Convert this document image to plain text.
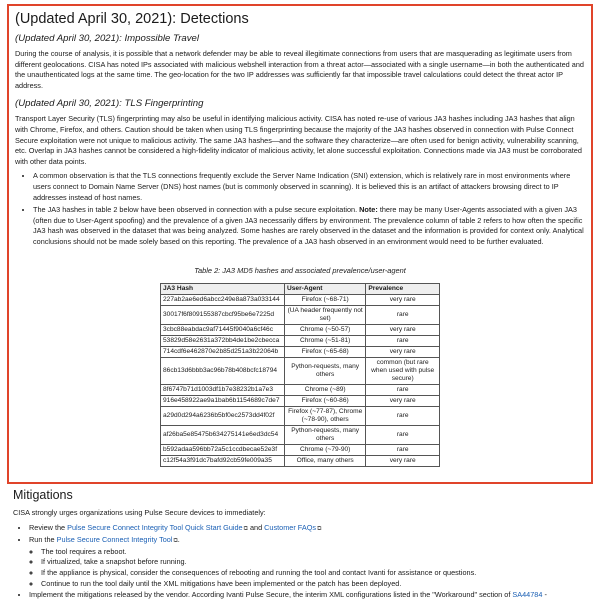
(Updated April 30, 2021): Detections
(Updated April 30, 2021): Impossible Travel

During the course of analysis, it is possible that a network defender may be able to reveal illegitimate connections from users that are masquerading as legitimate users from different geolocations. CISA has noted IPs associated with malicious webshell interaction from a threat actor—associated with a single username—in both the authenticated and the unauthenticated logs at the same time. The geo-location for the two IP addresses was sufficiently far that impossible travel calculations could detect the threat actor IP address.

(Updated April 30, 2021): TLS Fingerprinting

Transport Layer Security (TLS) fingerprinting may also be useful in identifying malicious activity. CISA has noted re-use of various JA3 hashes including JA3 hashes that align with Chrome, Firefox, and others. Caution should be taken when using TLS fingerprinting because the majority of the JA3 hashes observed in connection with Pulse Connect Secure exploitation were not unique to malicious activity. The same JA3 hashes—and the software they characterize—are often used for benign activity, vulnerability scanning, etc. Overlap in JA3 hashes cannot be considered a high-fidelity indicator of malicious activity, let alone successful exploitation. Connections made via JA3 must be corroborated with other data points.

• A common observation is that the TLS connections frequently exclude the Server Name Indication (SNI) extension, which is relatively rare in most environments where users connect to Domain Name Server (DNS) host names (but is commonly observed in scanning). It is believed this is an artifact of attackers browsing direct to IP addresses instead of host names.
• The JA3 hashes in table 2 below have been observed in connection with a pulse secure exploitation. Note: there may be many User-Agents associated with a given JA3 (often due to User-Agent spoofing) and the prevalence of a given JA3 necessarily differs by environment. The prevalence column of table 2 refers to how often the specific JA3 hash was observed in the dataset that was being analyzed. Some hashes are rarely observed in the dataset and the information is provided for context only. Analytical conclusions should not be made solely based on this reporting. The prevalence of a JA3 hash observed in an environment would need to be further evaluated.
Table 2: JA3 MD5 hashes and associated prevalence/user-agent
JA3 Hash	User-Agent	Prevalence
227ab2ae6ed6abcc249e8a873a033144	Firefox (~68-71)	very rare
30017f6f809155387cbcf95be6e7225d	(UA header frequently not set)	rare
3cbc88eabdac9af71445f9040a6cf46c	Chrome (~50-57)	very rare
53829d58e2631a372bb4de1be2cbecca	Chrome (~51-81)	rare
714cdf6e462870e2b85d251a3b22064b	Firefox (~65-68)	very rare
86cb13d6bbb3ac96b78b408bcfc18794	Python-requests, many others	common (but rare when used with pulse secure)
8f6747b71d1003df1b7e38232b1a7e3	Chrome (~89)	rare
916e458922ae9a1bab6b1154689c7de7	Firefox (~60-86)	very rare
a29d0d294a6236b5bf0ec2573dd4f02f	Firefox (~77-87), Chrome (~78-90), others	rare
af26ba5e85475b634275141e6ed3dc54	Python-requests, many others	rare
b592adaa596bb72a5c1ccdbecae52e3f	Chrome (~79-90)	rare
c12f54a3f91dc7bafd92cb59fe009a35	Office, many others	very rare
Mitigations

CISA strongly urges organizations using Pulse Secure devices to immediately:

• Review the Pulse Secure Connect Integrity Tool Quick Start Guide⧉ and Customer FAQs⧉
• Run the Pulse Secure Connect Integrity Tool⧉.
◦ The tool requires a reboot.
◦ If virtualized, take a snapshot before running.
◦ If the appliance is physical, consider the consequences of rebooting and running the tool and contact Ivanti for assistance or questions.
◦ Continue to run the tool daily until the XML mitigations have been implemented or the patch has been deployed.
• Implement the mitigations released by the vendor. According Ivanti Pulse Secure, the interim XML configurations listed in the "Workaround" section of SA44784 -
